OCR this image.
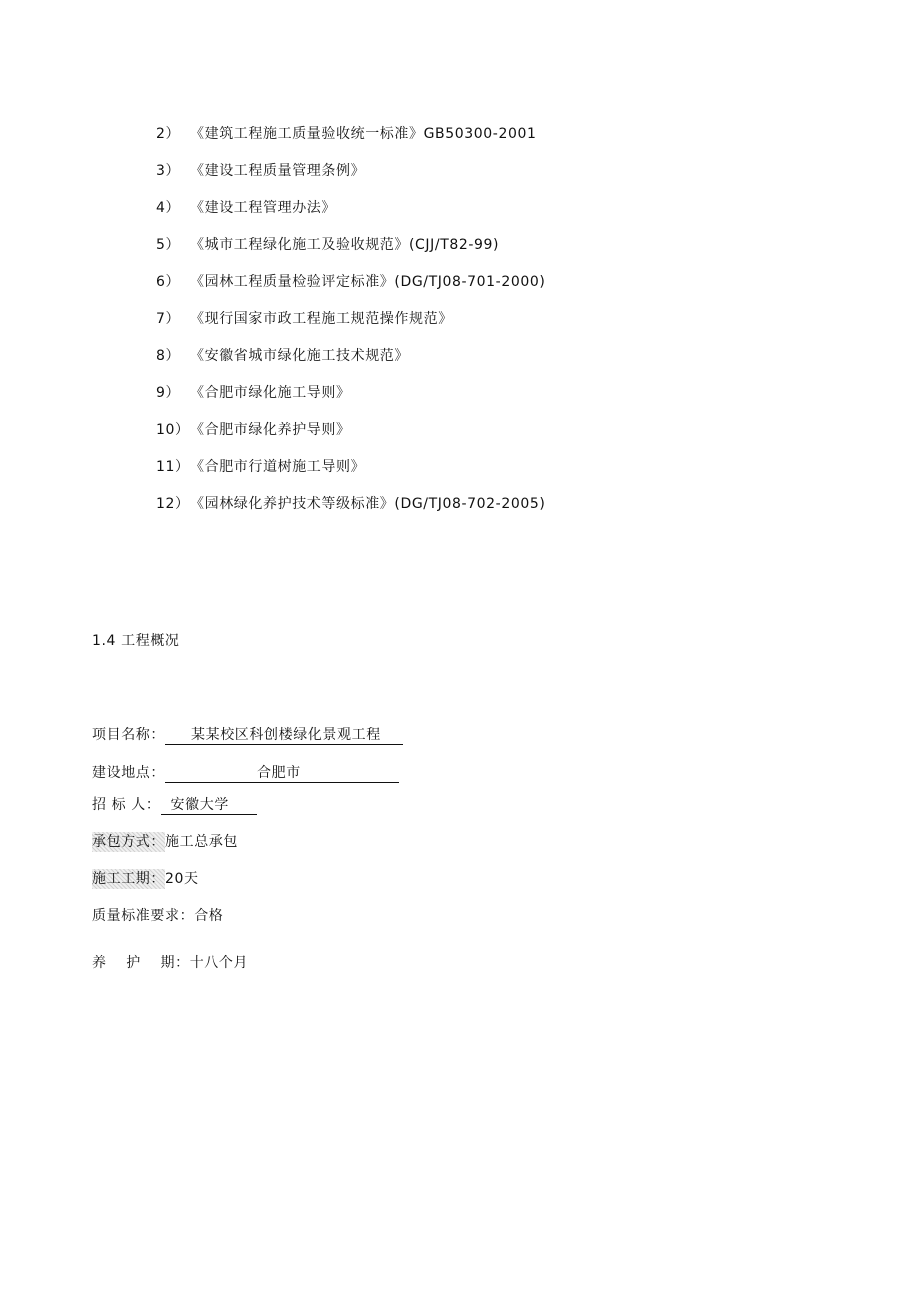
2） 《建筑工程施工质量验收统一标准》GB50300-2001
3） 《建设工程质量管理条例》
4） 《建设工程管理办法》
5） 《城市工程绿化施工及验收规范》(CJJ/T82-99)
6） 《园林工程质量检验评定标准》(DG/TJ08-701-2000)
7） 《现行国家市政工程施工规范操作规范》
8） 《安徽省城市绿化施工技术规范》
9） 《合肥市绿化施工导则》
10）《合肥市绿化养护导则》
11）《合肥市行道树施工导则》
12）《园林绿化养护技术等级标准》(DG/TJ08-702-2005)
1.4 工程概况
项目名称： 某某校区科创楼绿化景观工程
建设地点：	合肥市
招 标 人： 安徽大学
承包方式：施工总承包
施工工期：20天
质量标准要求：合格
养　 护　 期：十八个月
